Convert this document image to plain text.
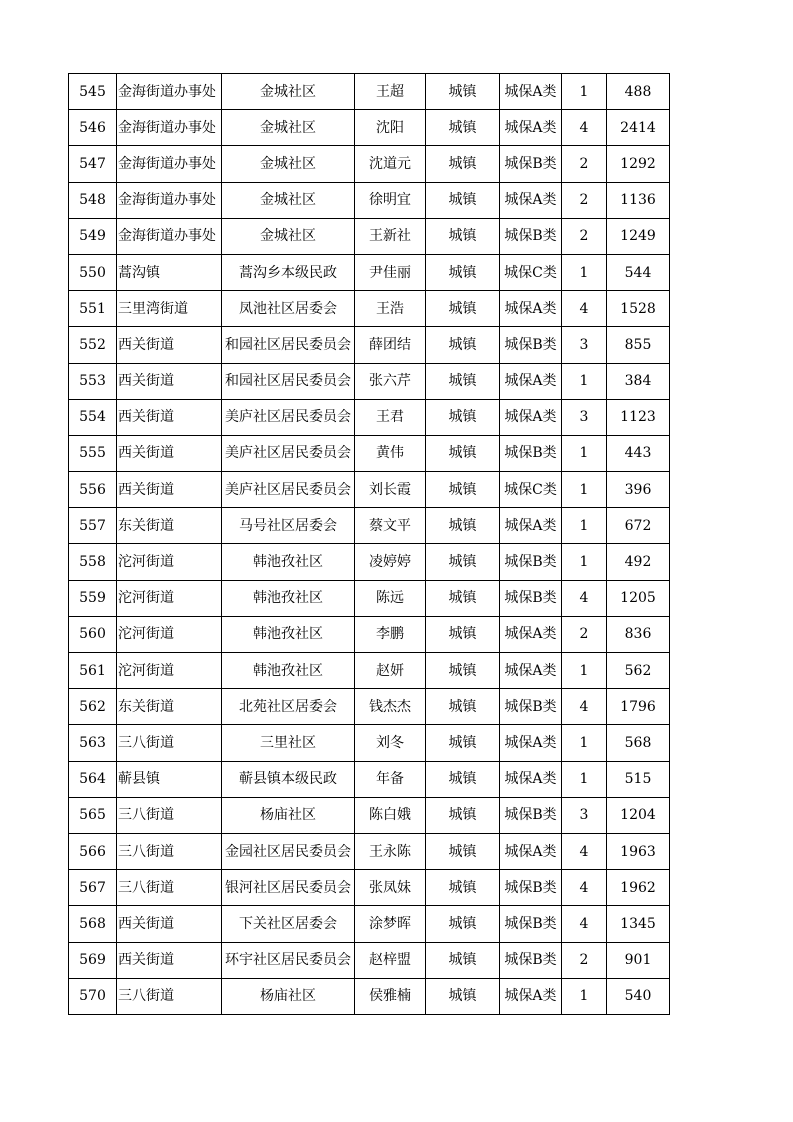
545	金海街道办事处	金城社区	王超	城镇	城保A类	1	488
546	金海街道办事处	金城社区	沈阳	城镇	城保A类	4	2414
547	金海街道办事处	金城社区	沈道元	城镇	城保B类	2	1292
548	金海街道办事处	金城社区	徐明宜	城镇	城保A类	2	1136
549	金海街道办事处	金城社区	王新社	城镇	城保B类	2	1249
550	蒿沟镇	蒿沟乡本级民政	尹佳丽	城镇	城保C类	1	544
551	三里湾街道	凤池社区居委会	王浩	城镇	城保A类	4	1528
552	西关街道	和园社区居民委员会	薛团结	城镇	城保B类	3	855
553	西关街道	和园社区居民委员会	张六芹	城镇	城保A类	1	384
554	西关街道	美庐社区居民委员会	王君	城镇	城保A类	3	1123
555	西关街道	美庐社区居民委员会	黄伟	城镇	城保B类	1	443
556	西关街道	美庐社区居民委员会	刘长霞	城镇	城保C类	1	396
557	东关街道	马号社区居委会	蔡文平	城镇	城保A类	1	672
558	沱河街道	韩池孜社区	凌婷婷	城镇	城保B类	1	492
559	沱河街道	韩池孜社区	陈远	城镇	城保B类	4	1205
560	沱河街道	韩池孜社区	李鹏	城镇	城保A类	2	836
561	沱河街道	韩池孜社区	赵妍	城镇	城保A类	1	562
562	东关街道	北苑社区居委会	钱杰杰	城镇	城保B类	4	1796
563	三八街道	三里社区	刘冬	城镇	城保A类	1	568
564	蕲县镇	蕲县镇本级民政	年备	城镇	城保A类	1	515
565	三八街道	杨庙社区	陈白娥	城镇	城保B类	3	1204
566	三八街道	金园社区居民委员会	王永陈	城镇	城保A类	4	1963
567	三八街道	银河社区居民委员会	张凤妹	城镇	城保B类	4	1962
568	西关街道	下关社区居委会	涂梦晖	城镇	城保B类	4	1345
569	西关街道	环宇社区居民委员会	赵梓盟	城镇	城保B类	2	901
570	三八街道	杨庙社区	侯雅楠	城镇	城保A类	1	540
